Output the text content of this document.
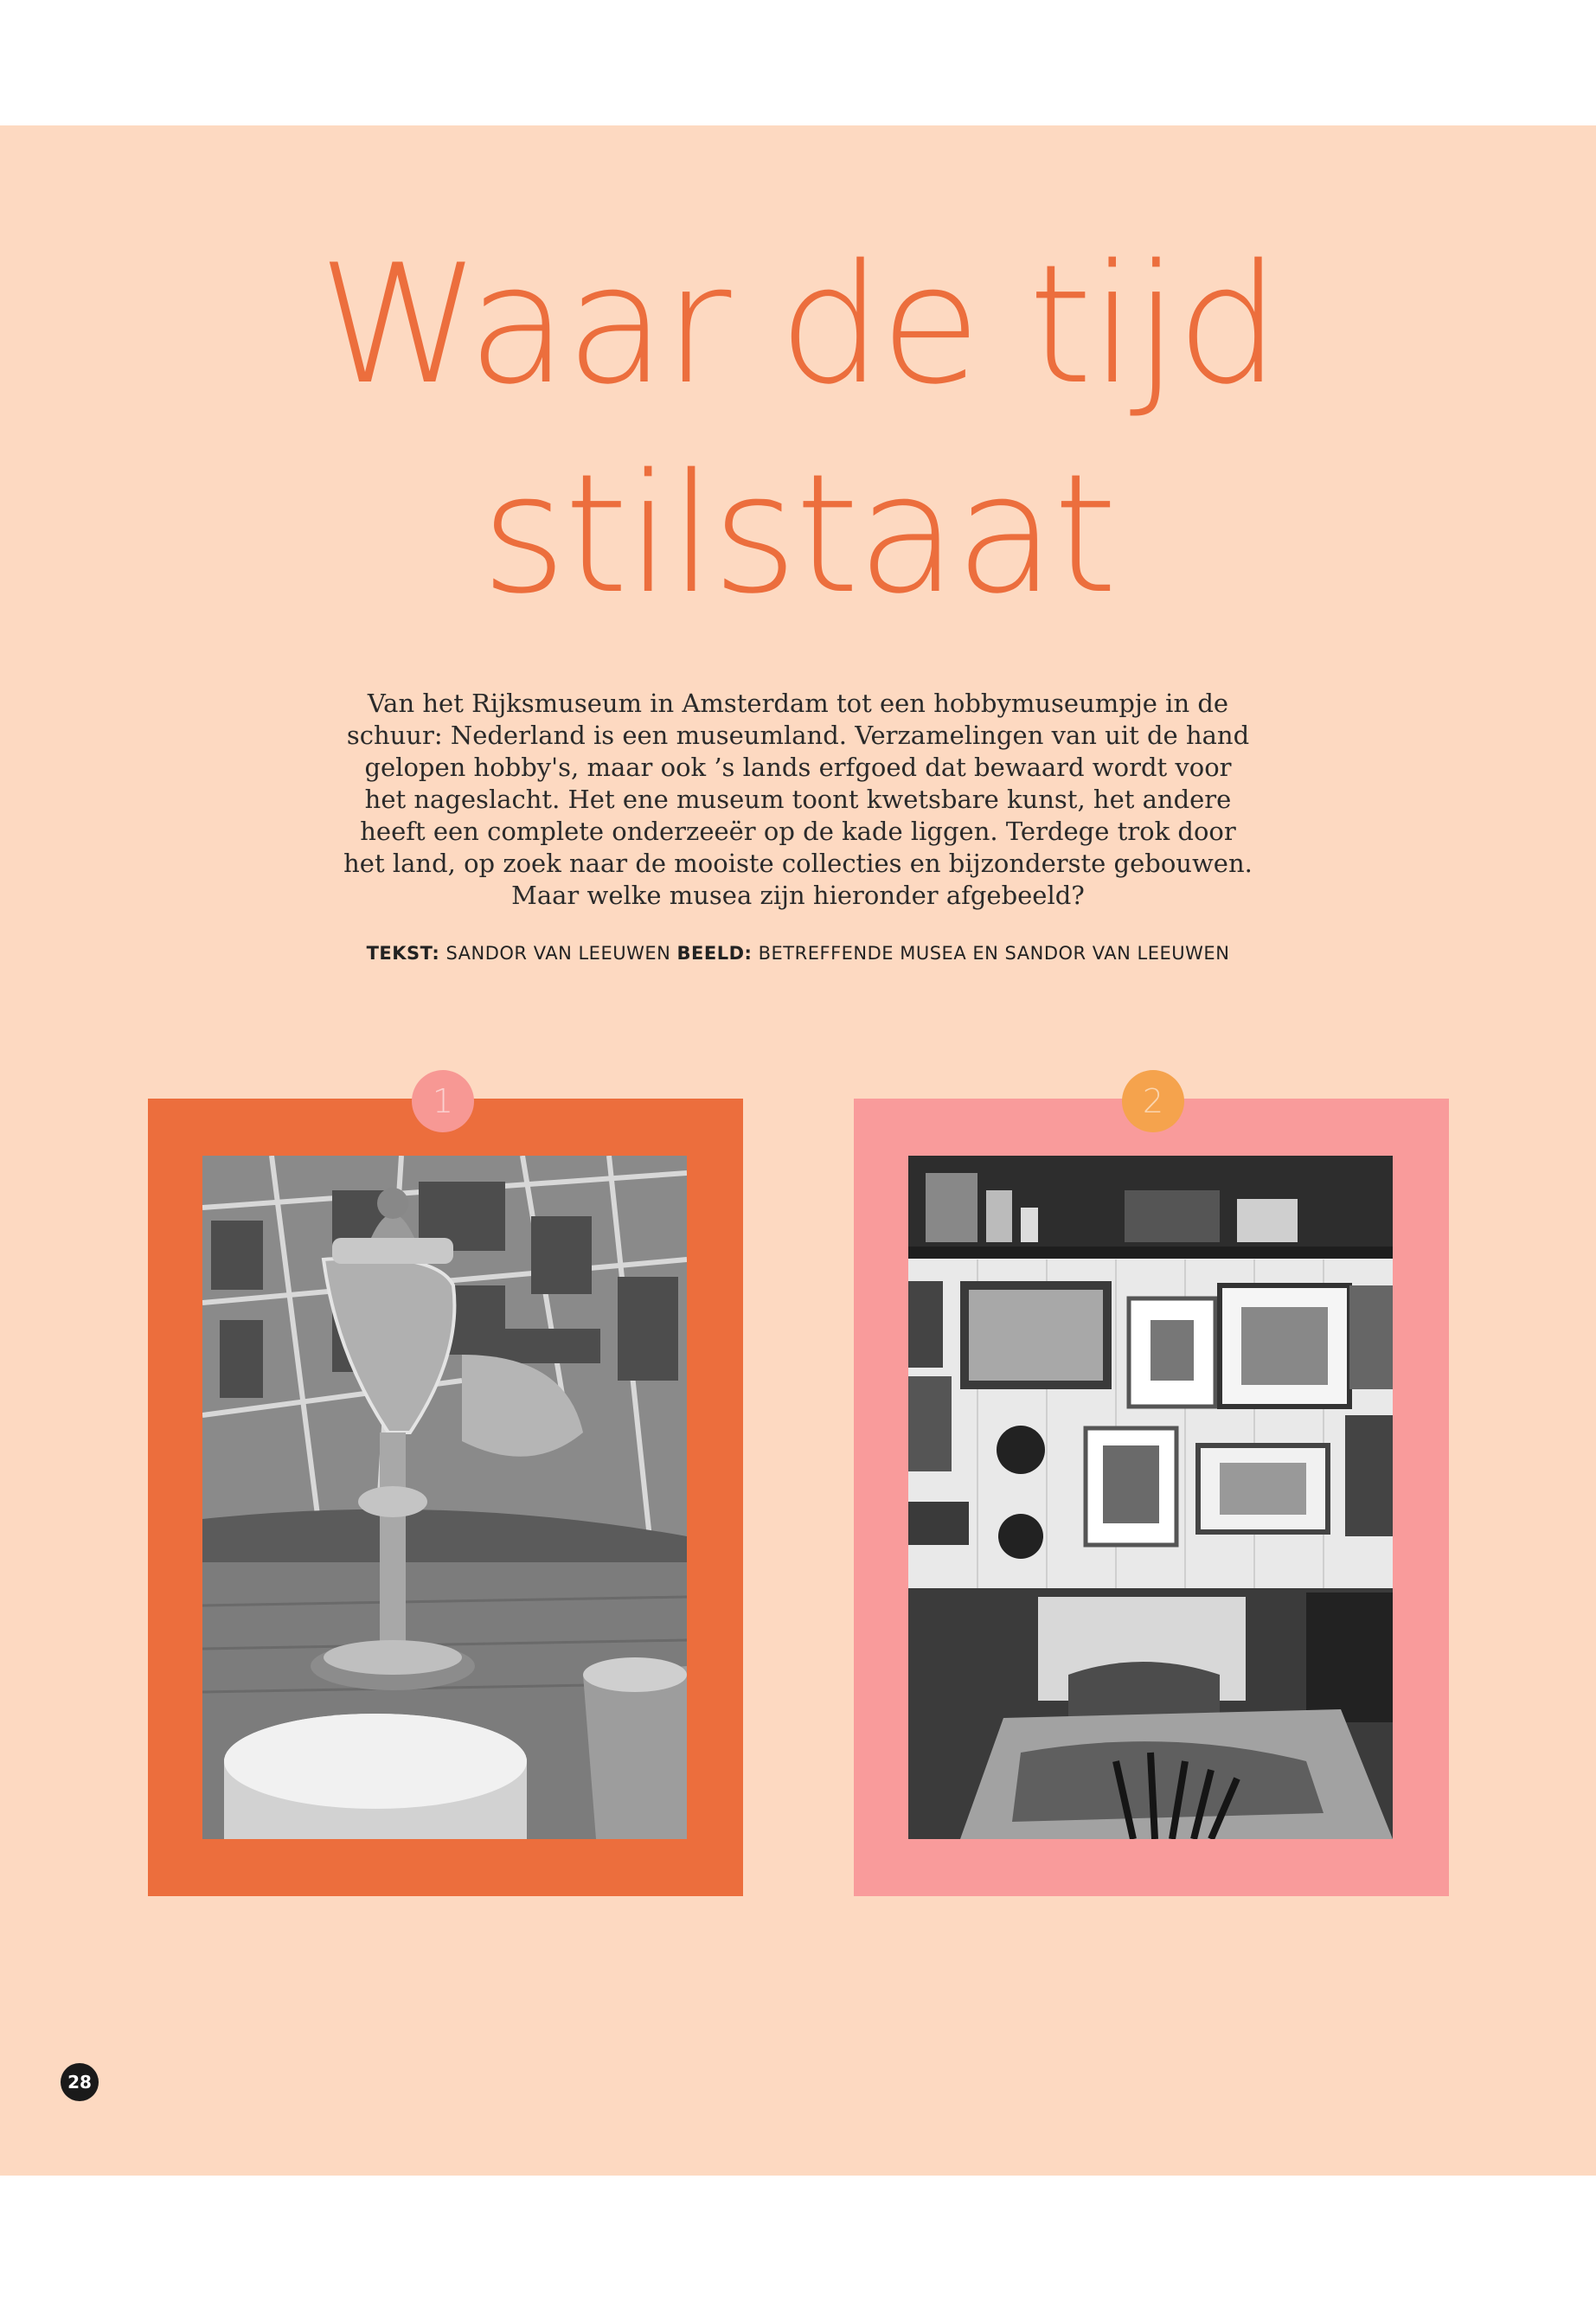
Waar de tijd
stilstaat

Van het Rijksmuseum in Amsterdam tot een hobbymuseumpje in de
schuur: Nederland is een museumland. Verzamelingen van uit de hand
gelopen hobby's, maar ook ’s lands erfgoed dat bewaard wordt voor
het nageslacht. Het ene museum toont kwetsbare kunst, het andere
heeft een complete onderzeeër op de kade liggen. Terdege trok door
het land, op zoek naar de mooiste collecties en bijzonderste gebouwen.
Maar welke musea zijn hieronder afgebeeld?

TEKST: SANDOR VAN LEEUWEN BEELD: BETREFFENDE MUSEA EN SANDOR VAN LEEUWEN
1	2
28
